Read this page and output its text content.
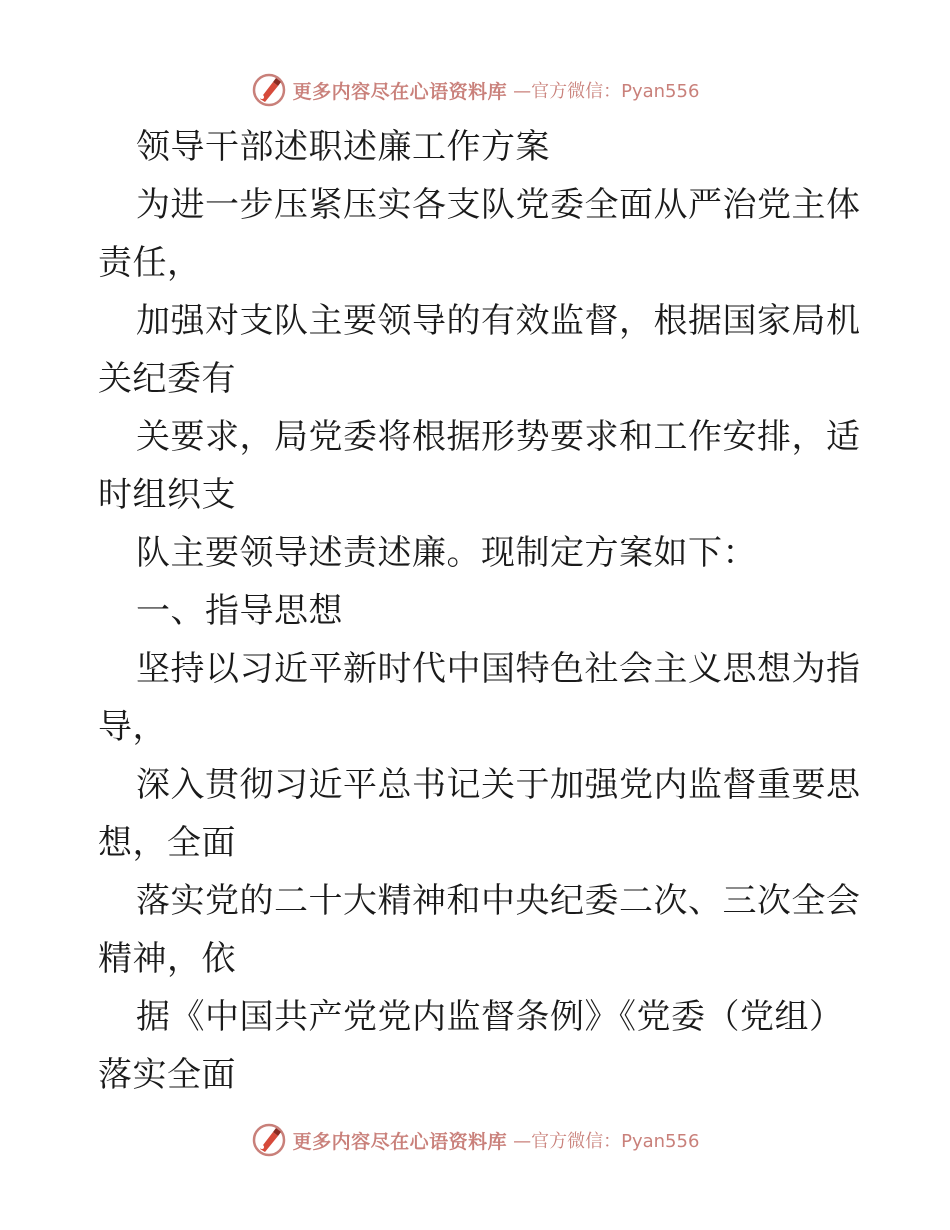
更多内容尽在心语资料库 —官方微信：Pyan556
领导干部述职述廉工作方案
为进一步压紧压实各支队党委全面从严治党主体
责任，
加强对支队主要领导的有效监督，根据国家局机
关纪委有
关要求，局党委将根据形势要求和工作安排，适
时组织支
队主要领导述责述廉。现制定方案如下：
一、指导思想
坚持以习近平新时代中国特色社会主义思想为指
导，
深入贯彻习近平总书记关于加强党内监督重要思
想，全面
落实党的二十大精神和中央纪委二次、三次全会
精神，依
据《中国共产党党内监督条例》《党委（党组）
落实全面
更多内容尽在心语资料库 —官方微信：Pyan556
